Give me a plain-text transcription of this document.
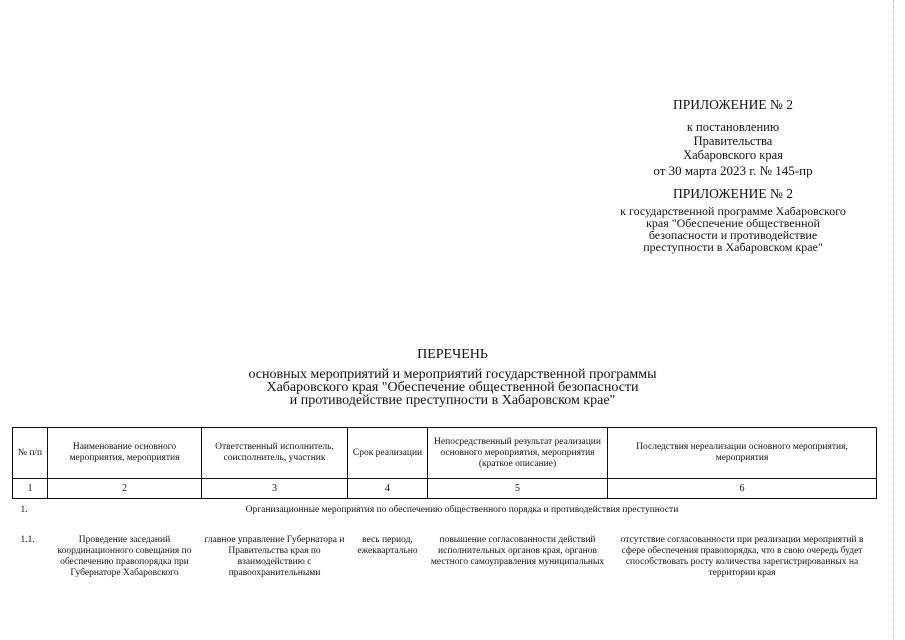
ПРИЛОЖЕНИЕ № 2
к постановлению
Правительства
Хабаровского края
от 30 марта 2023 г. № 145-пр
ПРИЛОЖЕНИЕ № 2
к государственной программе Хабаровского
края "Обеспечение общественной
безопасности и противодействие
преступности в Хабаровском крае"
ПЕРЕЧЕНЬ
основных мероприятий и мероприятий государственной программы
Хабаровского края "Обеспечение общественной безопасности
и противодействие преступности в Хабаровском крае"
№ п/п	Наименование основного мероприятия, мероприятия	Ответственный исполнитель, соисполнитель, участник	Срок реализации	Непосредственный результат реализации основного мероприятия, мероприятия (краткое описание)	Последствия нереализации основного мероприятия, мероприятия
1	2	3	4	5	6
1.	Организационные мероприятия по обеспечению общественного порядка и противодействия преступности				
1.1.	Проведение заседаний координационного совещания по обеспечению правопорядка при Губернаторе Хабаровского	главное управление Губернатора и Правительства края по взаимодействию с правоохранительными	весь период, ежеквартально	повышение согласованности действий исполнительных органов края, органов местного самоуправления муниципальных	отсутствие согласованности при реализации мероприятий в сфере обеспечения правопорядка, что в свою очередь будет способствовать росту количества зарегистрированных на территории края
